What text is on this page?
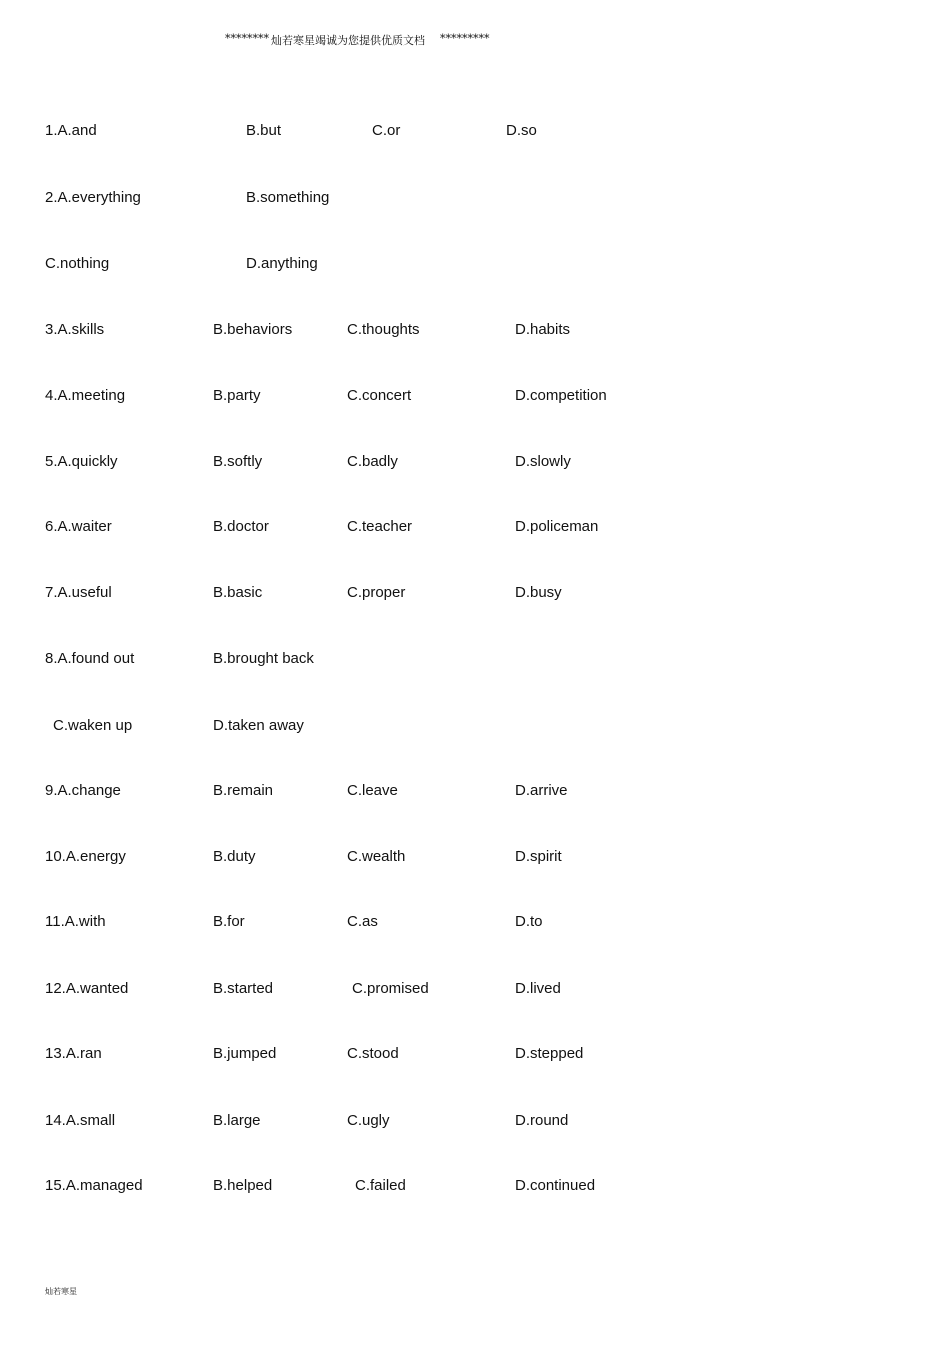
******** 灿若寒星竭诚为您提供优质文档 *********
1.A.and	B.but	C.or	D.so
2.A.everything	B.something
C.nothing	D.anything
3.A.skills	B.behaviors	C.thoughts	D.habits
4.A.meeting	B.party	C.concert	D.competition
5.A.quickly	B.softly	C.badly	D.slowly
6.A.waiter	B.doctor	C.teacher	D.policeman
7.A.useful	B.basic	C.proper	D.busy
8.A.found out	B.brought back
C.waken up	D.taken away
9.A.change	B.remain	C.leave	D.arrive
10.A.energy	B.duty	C.wealth	D.spirit
11.A.with	B.for	C.as	D.to
12.A.wanted	B.started	C.promised	D.lived
13.A.ran	B.jumped	C.stood	D.stepped
14.A.small	B.large	C.ugly	D.round
15.A.managed	B.helped	C.failed	D.continued
灿若寒星
